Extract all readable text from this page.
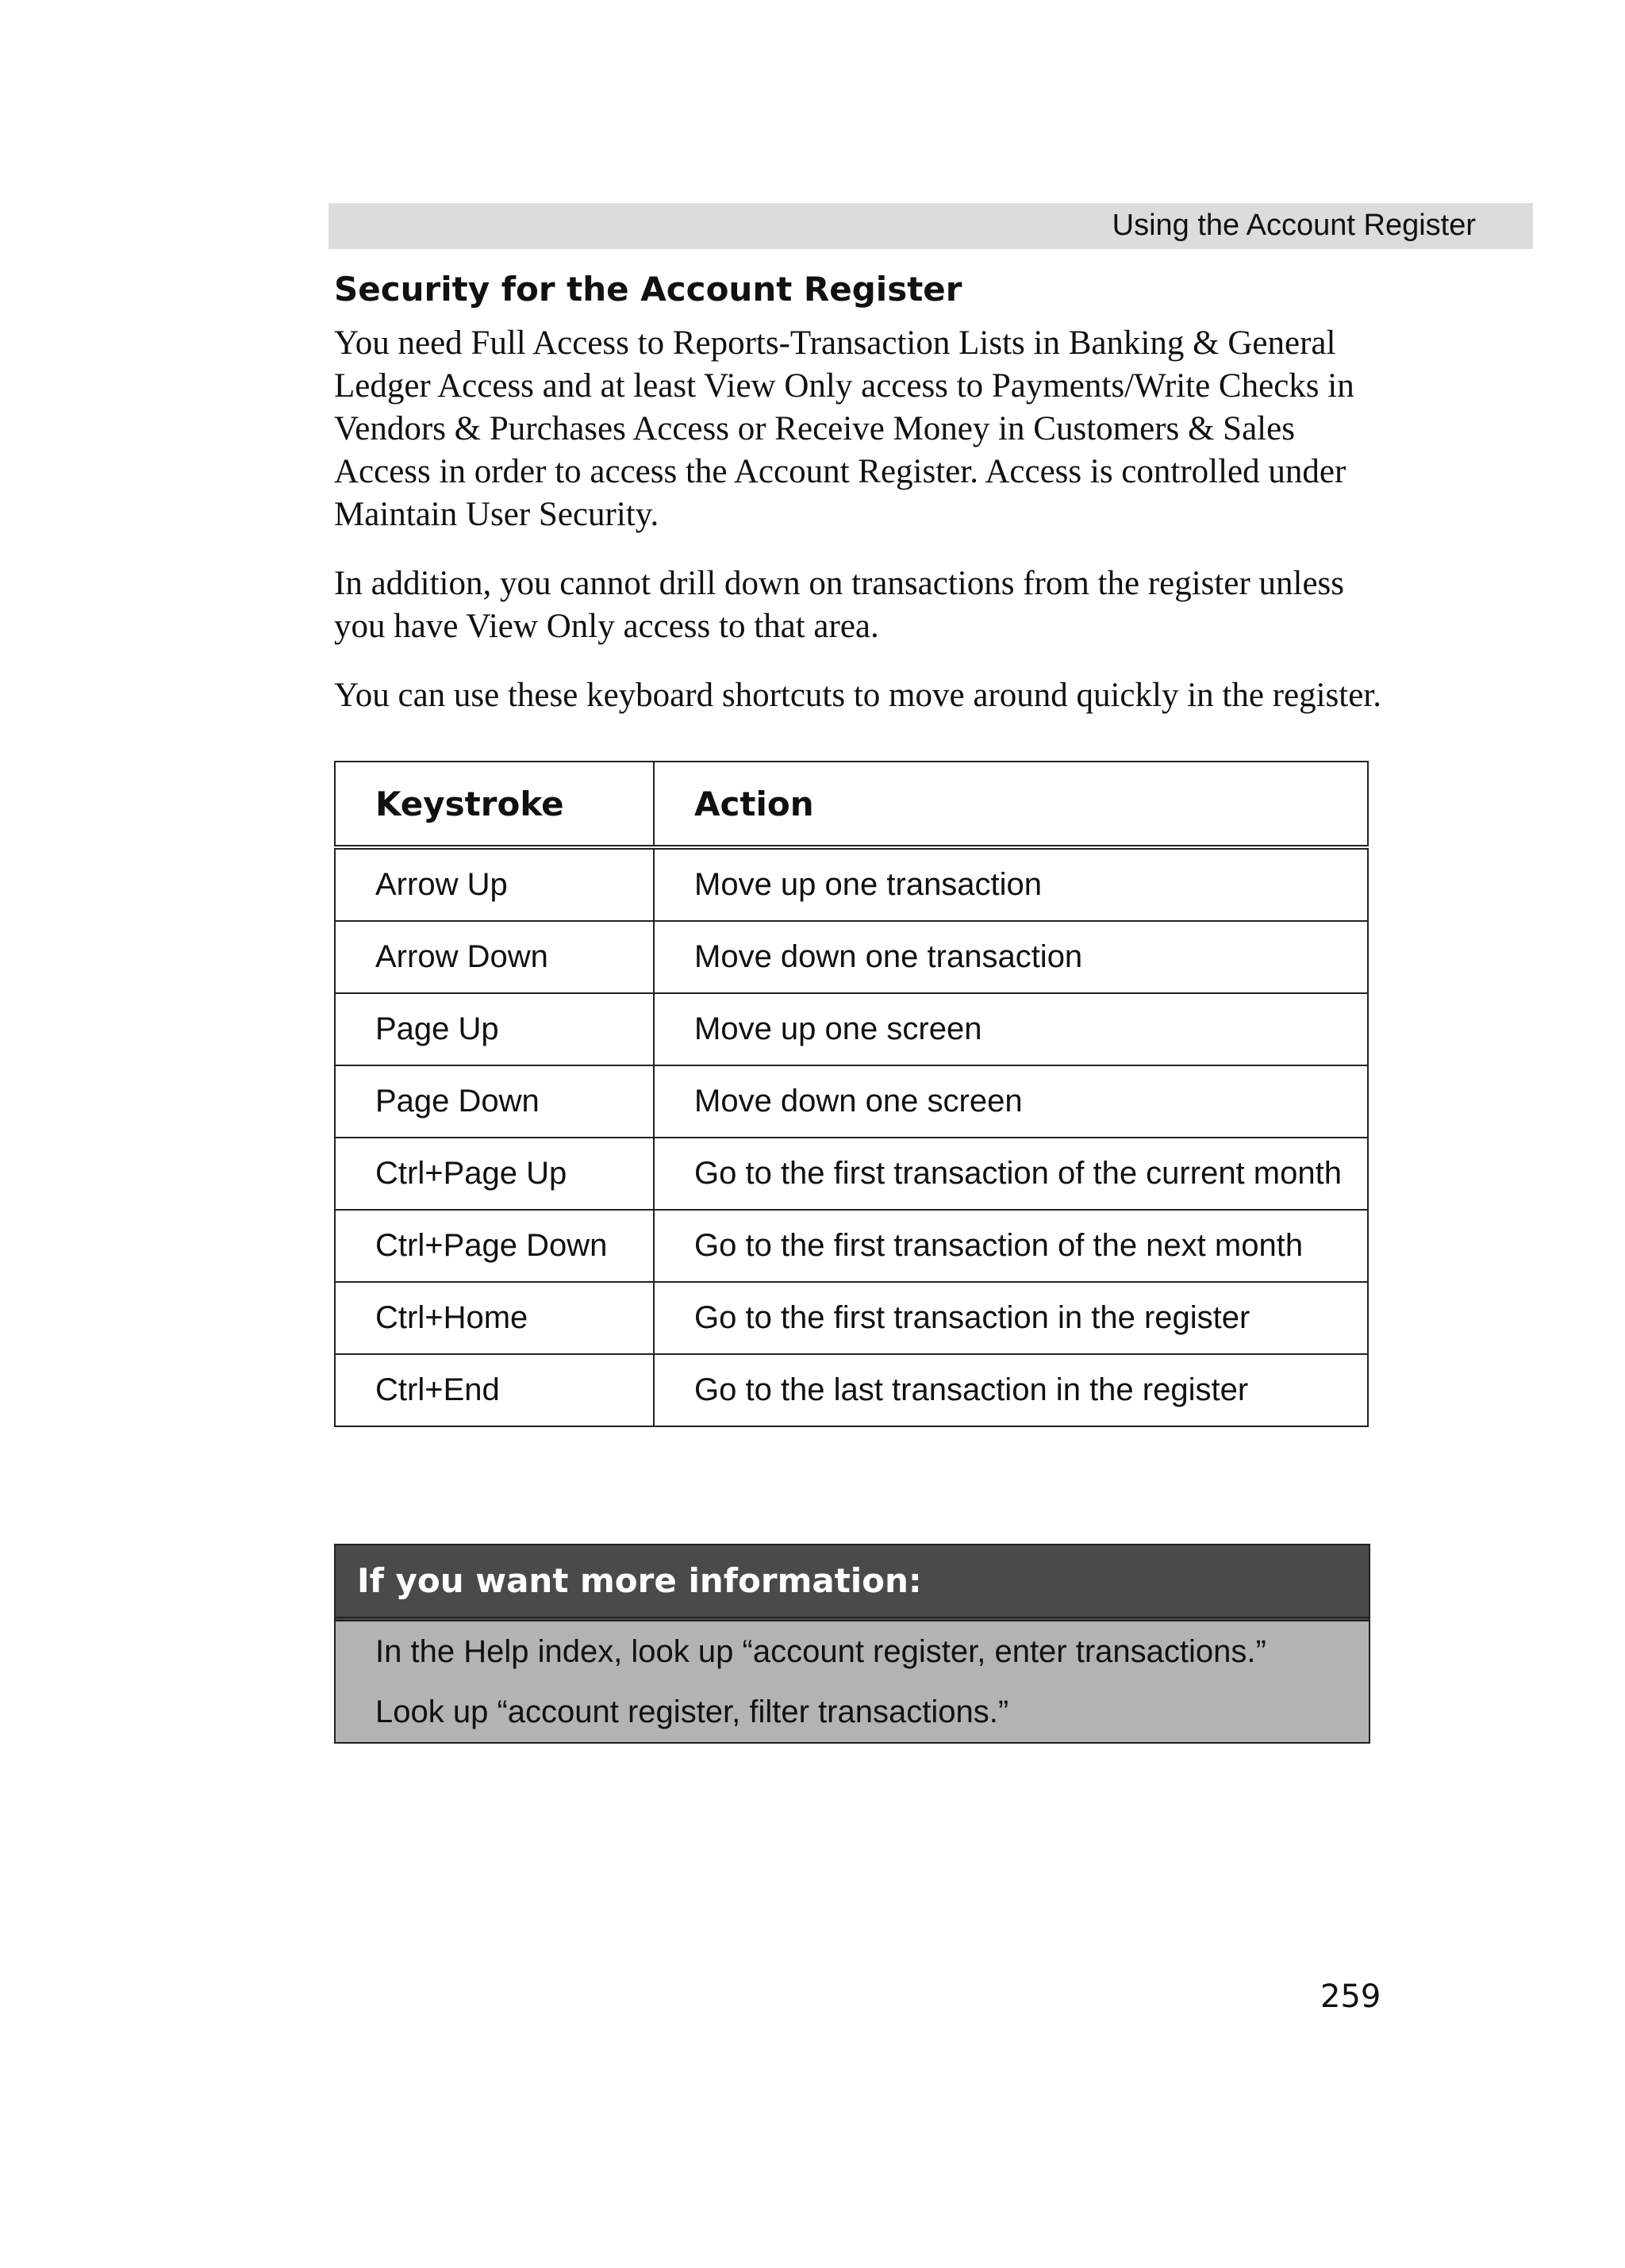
Using the Account Register
Security for the Account Register

You need Full Access to Reports-Transaction Lists in Banking & General Ledger Access and at least View Only access to Payments/Write Checks in Vendors & Purchases Access or Receive Money in Customers & Sales Access in order to access the Account Register. Access is controlled under Maintain User Security.

In addition, you cannot drill down on transactions from the register unless you have View Only access to that area.

You can use these keyboard shortcuts to move around quickly in the register.

Keystroke	Action
Arrow Up	Move up one transaction
Arrow Down	Move down one transaction
Page Up	Move up one screen
Page Down	Move down one screen
Ctrl+Page Up	Go to the first transaction of the current month
Ctrl+Page Down	Go to the first transaction of the next month
Ctrl+Home	Go to the first transaction in the register
Ctrl+End	Go to the last transaction in the register
If you want more information:
In the Help index, look up “account register, enter transactions.”
Look up “account register, filter transactions.”
259
